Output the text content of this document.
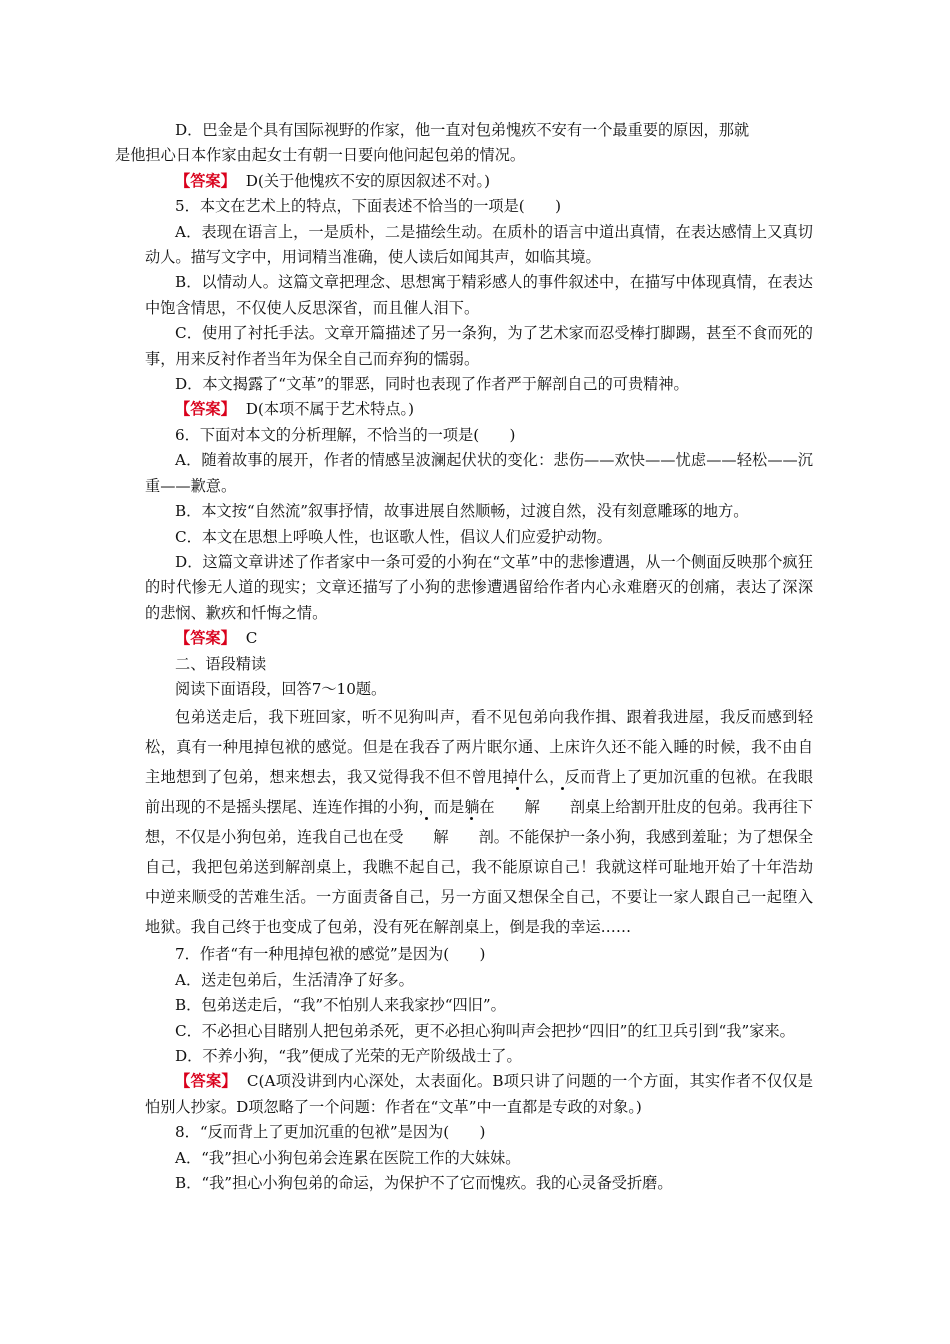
D．巴金是个具有国际视野的作家，他一直对包弟愧疚不安有一个最重要的原因，那就
是他担心日本作家由起女士有朝一日要向他问起包弟的情况。

【答案】 D(关于他愧疚不安的原因叙述不对。)

5．本文在艺术上的特点，下面表述不恰当的一项是(　　)

A．表现在语言上，一是质朴，二是描绘生动。在质朴的语言中道出真情，在表达感情上又真切动人。描写文字中，用词精当准确，使人读后如闻其声，如临其境。

B．以情动人。这篇文章把理念、思想寓于精彩感人的事件叙述中，在描写中体现真情，在表达中饱含情思，不仅使人反思深省，而且催人泪下。

C．使用了衬托手法。文章开篇描述了另一条狗，为了艺术家而忍受棒打脚踢，甚至不食而死的事，用来反衬作者当年为保全自己而弃狗的懦弱。

D．本文揭露了“文革”的罪恶，同时也表现了作者严于解剖自己的可贵精神。

【答案】 D(本项不属于艺术特点。)

6．下面对本文的分析理解，不恰当的一项是(　　)

A．随着故事的展开，作者的情感呈波澜起伏状的变化：悲伤——欢快——忧虑——轻松——沉重——歉意。

B．本文按“自然流”叙事抒情，故事进展自然顺畅，过渡自然，没有刻意雕琢的地方。

C．本文在思想上呼唤人性，也讴歌人性，倡议人们应爱护动物。

D．这篇文章讲述了作者家中一条可爱的小狗在“文革”中的悲惨遭遇，从一个侧面反映那个疯狂的时代惨无人道的现实；文章还描写了小狗的悲惨遭遇留给作者内心永难磨灭的创痛，表达了深深的悲悯、歉疚和忏悔之情。

【答案】 C

二、语段精读

阅读下面语段，回答7～10题。

包弟送走后，我下班回家，听不见狗叫声，看不见包弟向我作揖、跟着我进屋，我反而感到轻松，真有一种甩掉包袱的感觉。但是在我吞了两片眠尔通、上床许久还不能入睡的时候，我不由自主地想到了包弟，想来想去，我又觉得我不但不曾甩掉什么，反而背上了更加沉重的包袱。在我眼前出现的不是摇头摆尾、连连作揖的小狗，而是躺在 解 剖桌上给割开肚皮的包弟。我再往下想，不仅是小狗包弟，连我自己也在受 解 剖。不能保护一条小狗，我感到羞耻；为了想保全自己，我把包弟送到解剖桌上，我瞧不起自己，我不能原谅自己！我就这样可耻地开始了十年浩劫中逆来顺受的苦难生活。一方面责备自己，另一方面又想保全自己，不要让一家人跟自己一起堕入地狱。我自己终于也变成了包弟，没有死在解剖桌上，倒是我的幸运……

7．作者“有一种甩掉包袱的感觉”是因为(　　)

A．送走包弟后，生活清净了好多。

B．包弟送走后，“我”不怕别人来我家抄“四旧”。

C．不必担心目睹别人把包弟杀死，更不必担心狗叫声会把抄“四旧”的红卫兵引到“我”家来。

D．不养小狗，“我”便成了光荣的无产阶级战士了。

【答案】 C(A项没讲到内心深处，太表面化。B项只讲了问题的一个方面，其实作者不仅仅是怕别人抄家。D项忽略了一个问题：作者在“文革”中一直都是专政的对象。)

8．“反而背上了更加沉重的包袱”是因为(　　)

A．“我”担心小狗包弟会连累在医院工作的大妹妹。

B．“我”担心小狗包弟的命运，为保护不了它而愧疚。我的心灵备受折磨。
